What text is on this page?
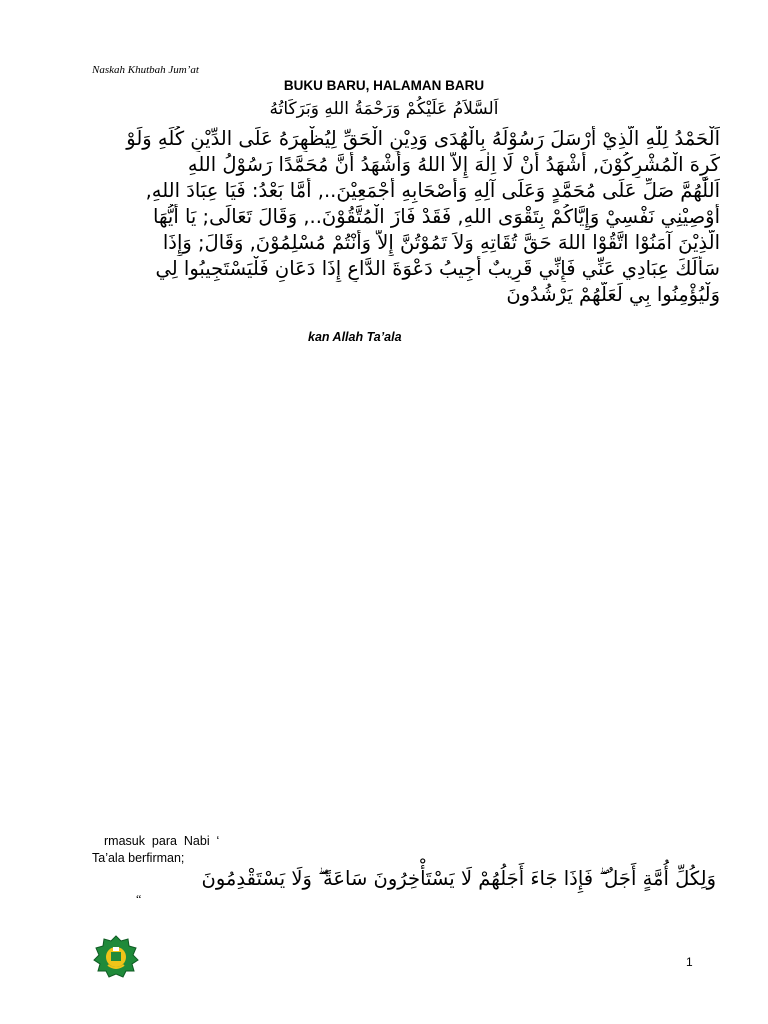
Naskah Khutbah Jum’at
BUKU BARU, HALAMAN BARU
اَلسَّلاَمُ عَلَيْكُمْ وَرَحْمَةُ اللهِ وَبَرَكَاتُهُ
اَلْحَمْدُ لِلّٰهِ الَّذِيْ أَرْسَلَ رَسُوْلَهُ بِالْهُدَى وَدِيْنِ الْحَقِّ لِيُظْهِرَهُ عَلَى الدِّيْنِ كُلِّهِ وَلَوْ
كَرِهَ الْمُشْرِكُوْنَ, أَشْهَدُ أَنْ لَا اِلٰهَ إِلاَّ اللهُ وَأَشْهَدُ أَنَّ مُحَمَّدًا رَسُوْلُ اللهِ
اَللّٰهُمَّ صَلِّ عَلَى مُحَمَّدٍ وَعَلَى آلِهِ وَأَصْحَابِهِ أَجْمَعِيْنَ.., أَمَّا بَعْدُ: فَيَا عِبَادَ اللهِ,
أُوْصِيْنِي نَفْسِيْ وَإِيَّاكُمْ بِتَقْوَى اللهِ, فَقَدْ فَازَ الْمُتَّقُوْنَ.., وَقَالَ تَعَالَى; يَا أَيُّهَا
الَّذِيْنَ آمَنُوْا اتَّقُوْا اللهَ حَقَّ تُقَاتِهِ وَلاَ تَمُوْتُنَّ إِلاَّ وَأَنْتُمْ مُسْلِمُوْنَ, وَقَالَ; وَإِذَا
سَأَلَكَ عِبَادِي عَنِّي فَإِنِّي قَرِيبٌ أُجِيبُ دَعْوَةَ الدَّاعِ إِذَا دَعَانِ فَلْيَسْتَجِيبُوا لِي
وَلْيُؤْمِنُوا بِي لَعَلَّهُمْ يَرْشُدُونَ
kan Allah Ta’ala
rmasuk  para  Nabi  ‘
Ta’ala berfirman;
وَلِكُلِّ أُمَّةٍ أَجَلٌ ۖ فَإِذَا جَاءَ أَجَلُهُمْ لَا يَسْتَأْخِرُونَ سَاعَةً ۖ وَلَا يَسْتَقْدِمُونَ
“
1
